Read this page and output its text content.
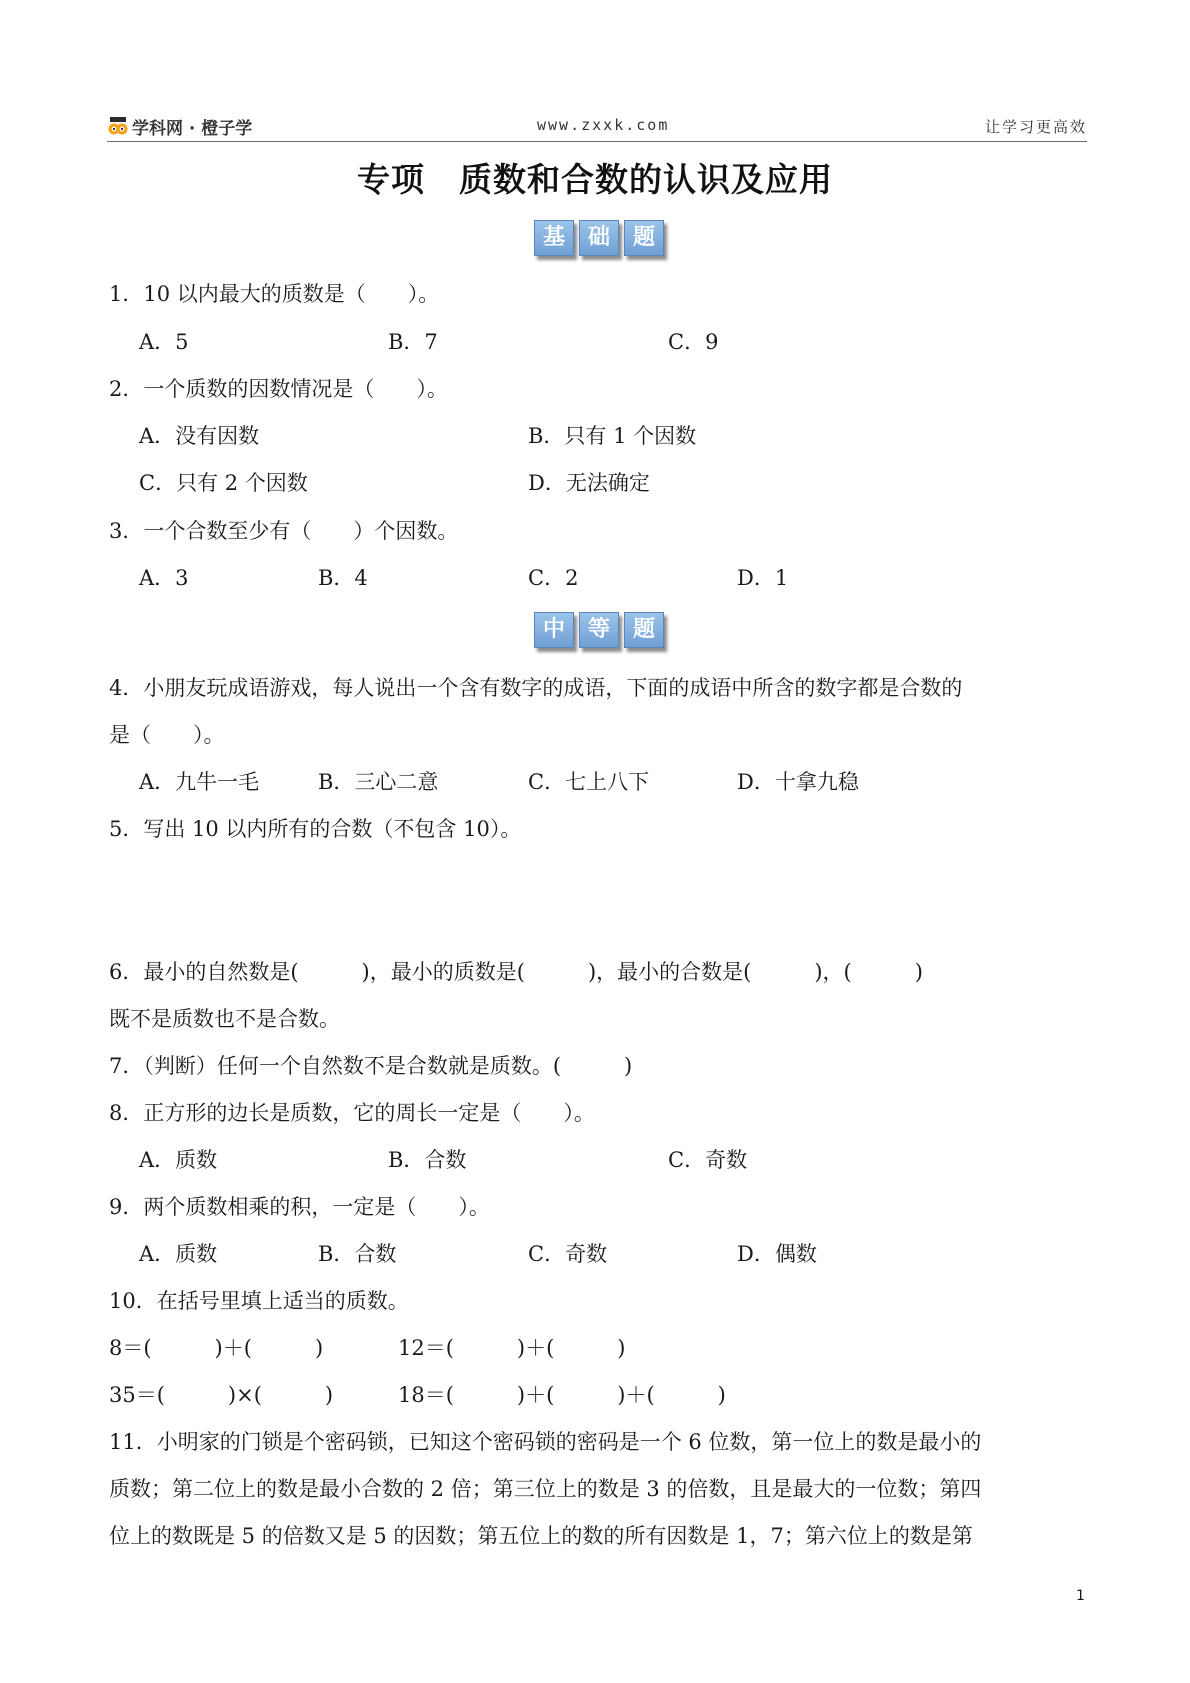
学科网 · 橙子学	www.zxxk.com	让学习更高效
专项　质数和合数的认识及应用
基	础	题
1．10 以内最大的质数是（　　）。
A．5	B．7	C．9
2．一个质数的因数情况是（　　）。
A．没有因数	B．只有 1 个因数
C．只有 2 个因数	D．无法确定
3．一个合数至少有（　　）个因数。
A．3	B．4	C．2	D．1
中	等	题
4．小朋友玩成语游戏，每人说出一个含有数字的成语，下面的成语中所含的数字都是合数的
是（　　）。
A．九牛一毛	B．三心二意	C．七上八下	D．十拿九稳
5．写出 10 以内所有的合数（不包含 10）。
6．最小的自然数是(　　　)，最小的质数是(　　　)，最小的合数是(　　　)，(　　　)
既不是质数也不是合数。
7．（判断）任何一个自然数不是合数就是质数。(　　　)
8．正方形的边长是质数，它的周长一定是（　　）。
A．质数	B．合数	C．奇数
9．两个质数相乘的积，一定是（　　）。
A．质数	B．合数	C．奇数	D．偶数
10．在括号里填上适当的质数。
8＝(　　　)＋(　　　)	12＝(　　　)＋(　　　)
35＝(　　　)×(　　　)	18＝(　　　)＋(　　　)＋(　　　)
11．小明家的门锁是个密码锁，已知这个密码锁的密码是一个 6 位数，第一位上的数是最小的
质数；第二位上的数是最小合数的 2 倍；第三位上的数是 3 的倍数，且是最大的一位数；第四
位上的数既是 5 的倍数又是 5 的因数；第五位上的数的所有因数是 1，7；第六位上的数是第
1
